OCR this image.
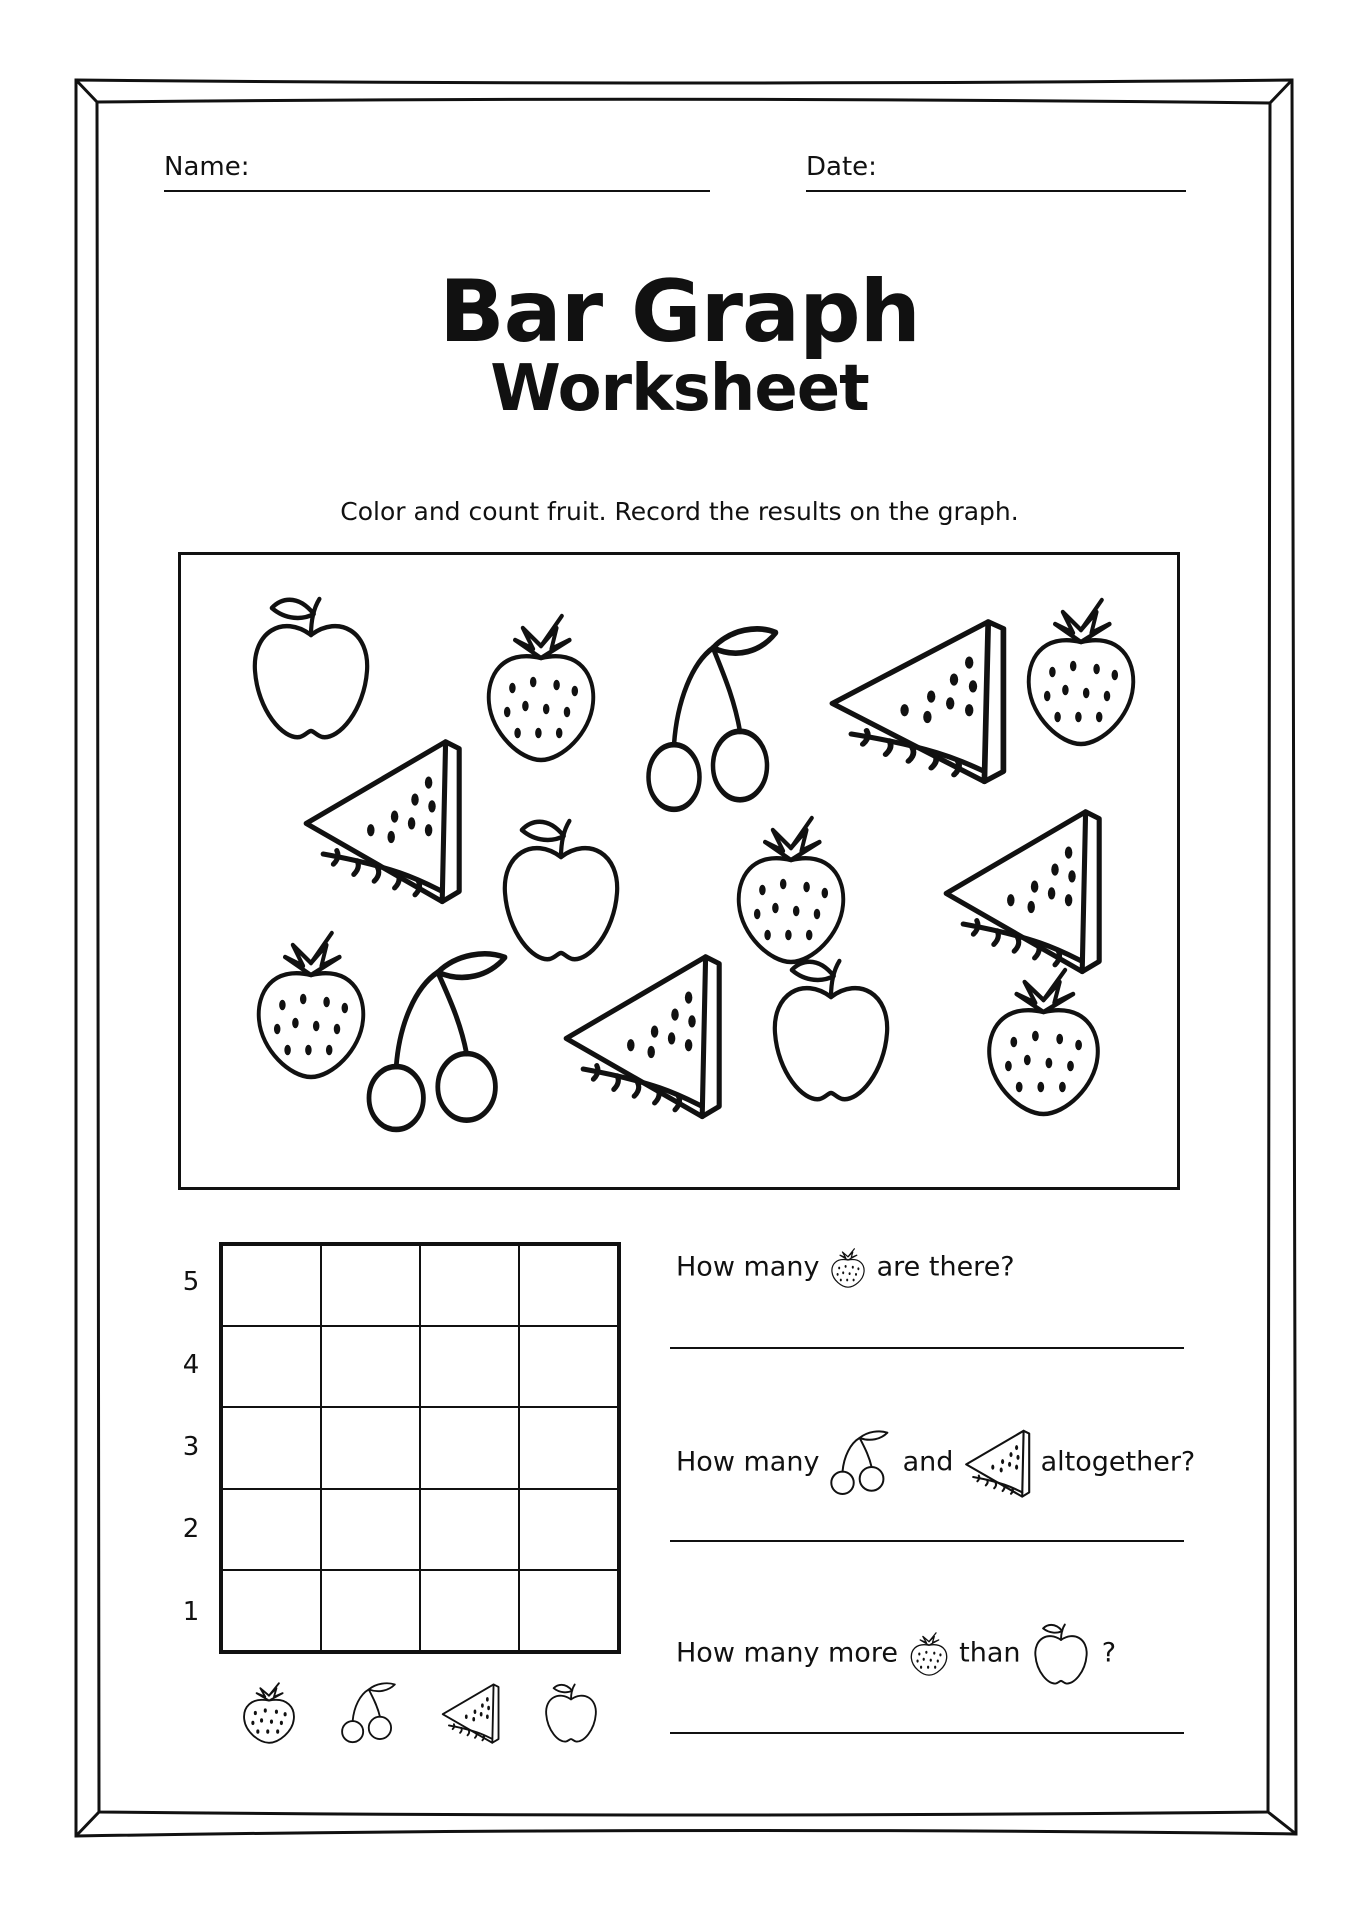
Name:	Date:
Bar Graph
Worksheet
Color and count fruit. Record the results on the graph.
1
2
3
4
5	How many are there?
How many	and	altogether?
How many more than	?
